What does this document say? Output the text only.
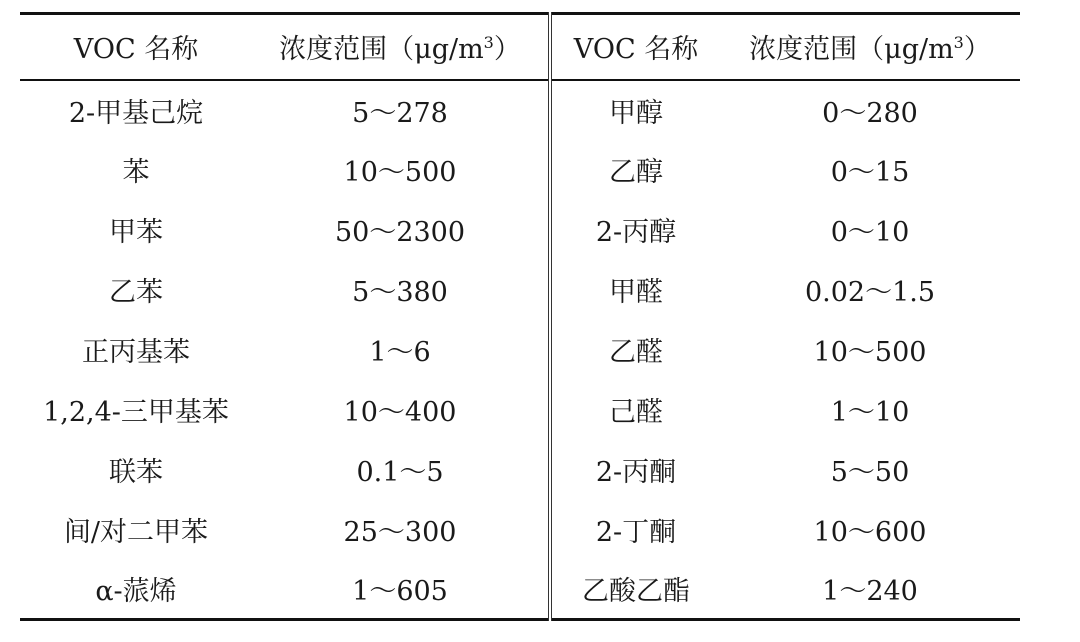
VOC 名称	浓度范围$(\mu g/m^3)$	VOC 名称	浓度范围$(\mu g/m^3)$
2-甲基己烷	5～278	甲醇	0～280
苯	10～500	乙醇	0～15
甲苯	50～2300	2-丙醇	0～10
乙苯	5～380	甲醛	0.02～1.5
正丙基苯	1～6	乙醛	10～500
1,2,4-三甲基苯	10～400	己醛	1～10
联苯	0.1～5	2-丙酮	5～50
间/对二甲苯	25～300	2-丁酮	10～600
α-蒎烯	1～605	乙酸乙酯	1～240
